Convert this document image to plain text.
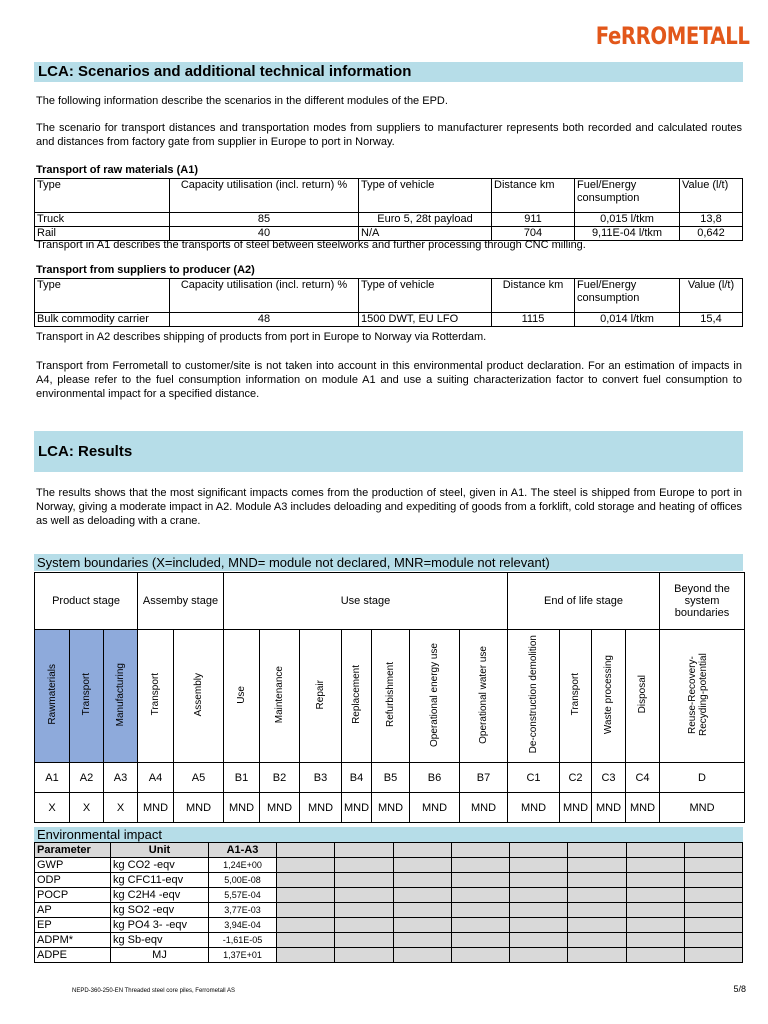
FeRROMETALL
LCA: Scenarios and additional technical information
The following information describe the scenarios in the different modules of the EPD.
The scenario for transport distances and transportation modes from suppliers to manufacturer represents both recorded and calculated routes and distances from factory gate from supplier in Europe to port in Norway.
Transport of raw materials (A1)
Type	Capacity utilisation (incl. return) %	Type of vehicle	Distance km	Fuel/Energy consumption	Value (l/t)
Truck	85	Euro 5, 28t payload	911	0,015 l/tkm	13,8
Rail	40	N/A	704	9,11E-04 l/tkm	0,642
Transport in A1 describes the transports of steel between steelworks and further processing through CNC milling.
Transport from suppliers to producer (A2)
Type	Capacity utilisation (incl. return) %	Type of vehicle	Distance km	Fuel/Energy consumption	Value (l/t)
Bulk commodity carrier	48	1500 DWT, EU LFO	1115	0,014 l/tkm	15,4
Transport in A2 describes shipping of products from port in Europe to Norway via Rotterdam.
Transport from Ferrometall to customer/site is not taken into account in this environmental product declaration. For an estimation of impacts in A4, please refer to the fuel consumption information on module A1 and use a suiting characterization factor to convert fuel consumption to environmental impact for a specified distance.
LCA: Results
The results shows that the most significant impacts comes from the production of steel, given in A1. The steel is shipped from Europe to port in Norway, giving a moderate impact in A2. Module A3 includes deloading and expediting of goods from a forklift, cold storage and heating of offices as well as deloading with a crane.
System boundaries (X=included, MND= module not declared, MNR=module not relevant)
Product stage			Assemby stage		Use stage							End of life stage				Beyond the system boundaries
Rawmaterials	Transport	Manufacturing	Transport	Assembly	Use	Maintenance	Repair	Replacement	Refurbishment	Operational energy use	Operational water use	De-construction demolition	Transport	Waste processing	Disposal	Reuse-Recovery-Recyding-potential
A1	A2	A3	A4	A5	B1	B2	B3	B4	B5	B6	B7	C1	C2	C3	C4	D
X	X	X	MND	MND	MND	MND	MND	MND	MND	MND	MND	MND	MND	MND	MND	MND
Environmental impact
Parameter	Unit	A1-A3								
GWP	kg CO2 -eqv	1,24E+00								
ODP	kg CFC11-eqv	5,00E-08								
POCP	kg C2H4 -eqv	5,57E-04								
AP	kg SO2 -eqv	3,77E-03								
EP	kg PO4 3- -eqv	3,94E-04								
ADPM*	kg Sb-eqv	-1,61E-05								
ADPE	MJ	1,37E+01								
NEPD-360-250-EN Threaded steel core piles, Ferrometall AS	5/8
